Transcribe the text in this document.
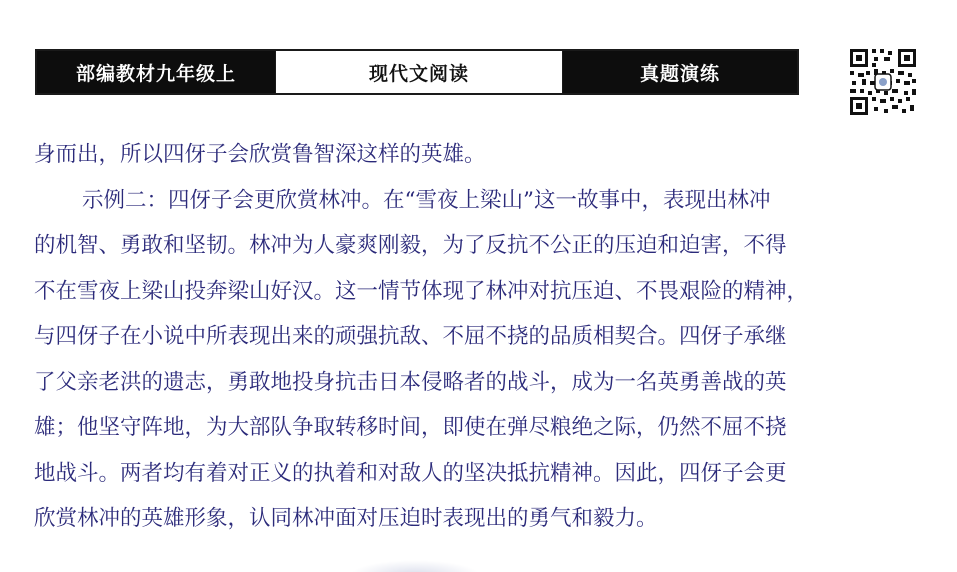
部编教材九年级上	现代文阅读	真题演练
身而出，所以四伢子会欣赏鲁智深这样的英雄。
示例二：四伢子会更欣赏林冲。在“雪夜上梁山”这一故事中，表现出林冲
的机智、勇敢和坚韧。林冲为人豪爽刚毅，为了反抗不公正的压迫和迫害，不得
不在雪夜上梁山投奔梁山好汉。这一情节体现了林冲对抗压迫、不畏艰险的精神，
与四伢子在小说中所表现出来的顽强抗敌、不屈不挠的品质相契合。四伢子承继
了父亲老洪的遗志，勇敢地投身抗击日本侵略者的战斗，成为一名英勇善战的英
雄；他坚守阵地，为大部队争取转移时间，即使在弹尽粮绝之际，仍然不屈不挠
地战斗。两者均有着对正义的执着和对敌人的坚决抵抗精神。因此，四伢子会更
欣赏林冲的英雄形象，认同林冲面对压迫时表现出的勇气和毅力。
